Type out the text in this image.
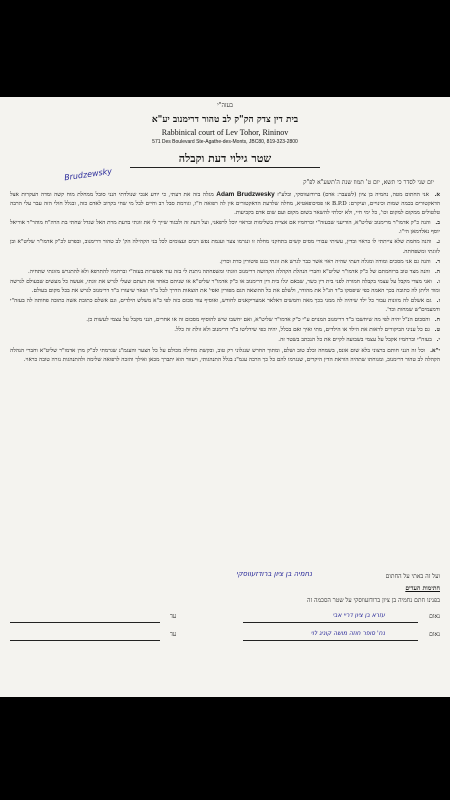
בעזה"י
בית דין צדק הק"ק לב טהור דרימנוב יע"א
Rabbinical court of Lev Tohor, Rininov
571 Des Boulevard Ste-Agathe-des-Monts, JBC80, 819-323-2800
שטר גילוי דעת וקבלה
Brudzewsky
יום שני לסדר כי תשא, יום ט' תמוז שנת ה'תשע"א לפ"ק
א. אני החתום מטה, נחמיה בן ציון (לשעבר: אדם) ברודזעווסקי, ובלע"ז Adam Brudzwesky מגלה בזה את דעתי, כי יודע אנכי שנולדתי הנני סובל ממחלת מוח קשה ומדה העקרות אצל הדאקטורים בכמה שמות וכינויים, ועיקרם: B.P.D או פסיכופאטיא, מחלה שלדעת הדאקטורים אין לה רפואה ח"ו, וגורמת סבל רב וחיים לכל מי שחי בקרוב לאדם כזה, ובגלל חולי הזה עבר עלי הרבה טלטולים ממקום למקום וכו', כל ימי חיי, ולא יכלתי להשאר בשום מקום ועם שום אדם בקביעות.
ב. והנה כ"ק אדמו"ר מרימנוב שליט"א, הודיעני שבעזה"י וברחמיו אם אציית בשלימות ובראוי יוכל לרפאני, ועל דעת זה ולבגוד שייך לי את זוגתי בדעת מרת האל שגדל שחתי בת הרה"ח מוהר"ר אוריאל יוסף נאלדמאן הי"ו.
ג. והנה מחמת שלא צייתתי לו כראוי ובדין, עשיתי עבורי מסים קשים בתחקני מחלה זו ונגרמו צער ועגמת נפש רבים ועצומים לכל בני הקהילה הק' לב טהור דרימנוב, ובפרט לכ"ק אדמו"ר שליט"א ובן לזוגתי ומשפחתה.
ד. והנה גם אני מסכים ומודה ומגלה דעתי שהיה ראוי אשר כבר לגרש את זוגתי בגט פיטורין כדת וכדין.
ה. והנה מצד טוב ברוחמתם של כ"ק אדמו"ר שליט"א וחברי הנהלת הקהלה הקדושה דרימנוב וזוגתי ומשפחתה ניתנת לי בזה עוד אפשרות בעזה"י וברחמיו להתרפא ולא להתגרש מזוגתי שתחיה.
ו. ואני מצדי מקבל על עצמי בקבלה חמורה לפני בית דין כשר, שבאם ינלו בית דין דרימנוב או כ"ק אדמו"ר שליט"א או שניהם כאחד את דעתם שעלי לגרש את זוגתי, אעשה כל מעשים שבעולם לגרשה ומוד וליתן לה כתובה בכך האמה כפי שיפסקו ב"ד הנ"ל את מהודר, ולשלם את כל ההוצאה הגם מפורין ואפי' את הוצאות הדרך לכל ב"ד ושאר שיעורו ב"ד דרימנוב לגרש את בכל מקום בעולם.
ז. גם אשלם לה מזונות עבור כל ילד שיהיה לה ממני בכך מאה וחמשים דאלאר אמעריקאנים לחודש, ואוסיף עוד סכום כזה לפי כ"א משלש הילדים, וגם אשלם כתובת אשה כתובה פחותה לה בעזה"י ודמעמים"ש שמחות וכד'.
ח. והסכום הנ"ל יהיה לפי מה שיחשבו ב"ד דרימנוב המנוים ע"י כ"ק אדמו"ר שליט"א, ואם יחשבו שיש להוסיף מסכום זה או אחרים, הנני מקבל על עצמי לעשות כן.
ט. גם כל עניני הביקורים לראות את הילד או הילדים, מתי ואיך ואם בכלל, יהיה כפי שידליטו ב"ד דרימנוב ולא זולת זה כלל.
י. בעזה"י וברחמיו אקבל על עצמי בשבועה לקיים את כל הנכתב בשטר זה.
י"א. וכל זה הנני חותם ברצוני בלא שום אונס, בשמחה ובלב טוב ושלם, ומתוך החרש שנגלוני רק טוב, ובקשת מחילה מכולם על כל הצער והעגמ"נ שגרמתי לכ"ק מרן אדמו"ר שליט"א וחברי הנהלה הקהלה לב טהור דרימנוב, ומנוחתו שתהיה הוראת הדין היקרים, שנגרמו להם כל כך הרבה עגמ"נ בגלל התנהגותי, ויעזור הוא יתברך מכאן ואילך והזכה לרפואה שלימה ולהתנהגות נזרה טובה כראוי.
ועל זה באתי על החתום
נחמיה בן ציון ברודזעווסקי
חתימות העדים
בפנינו חתם נחמיה בן ציון ברודזעווסקי על שטר הסכמה זה
נאום
עזרא בן ציון דריי אבי
עד
נאום
נח' סופר חוזה מושה קוניג לוי
עד
